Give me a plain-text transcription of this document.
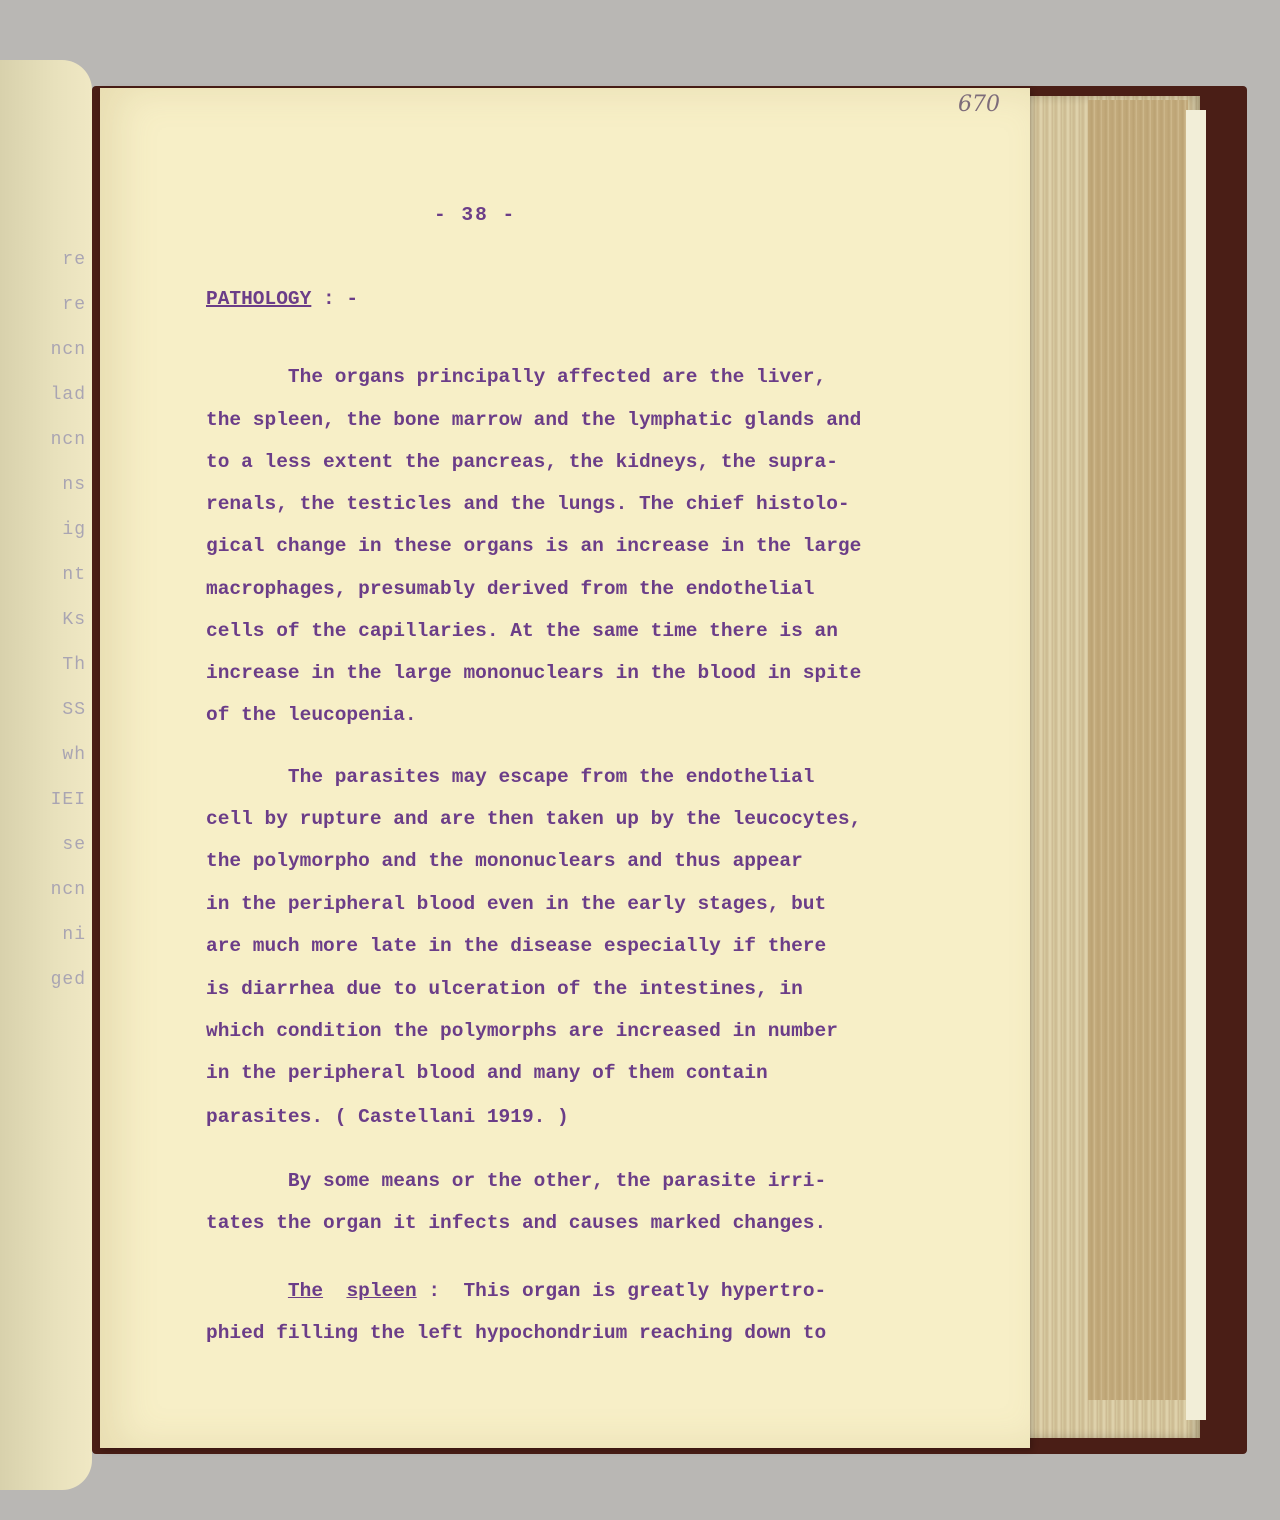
re
re
ncn
lad
ncn
ns
ig
nt
Ks
Th
SS
wh
IEI
se
ncn
ni
ged
670
- 38 -
PATHOLOGY : -
The organs principally affected are the liver,
the spleen, the bone marrow and the lymphatic glands and
to a less extent the pancreas, the kidneys, the supra-
renals, the testicles and the lungs. The chief histolo-
gical change in these organs is an increase in the large
macrophages, presumably derived from the endothelial
cells of the capillaries. At the same time there is an
increase in the large mononuclears in the blood in spite
of the leucopenia.
The parasites may escape from the endothelial
cell by rupture and are then taken up by the leucocytes,
the polymorpho and the mononuclears and thus appear
in the peripheral blood even in the early stages, but
are much more late in the disease especially if there
is diarrhea due to ulceration of the intestines, in
which condition the polymorphs are increased in number
in the peripheral blood and many of them contain
parasites. ( Castellani 1919. )
By some means or the other, the parasite irri-
tates the organ it infects and causes marked changes.
The spleen :  This organ is greatly hypertro-
phied filling the left hypochondrium reaching down to
